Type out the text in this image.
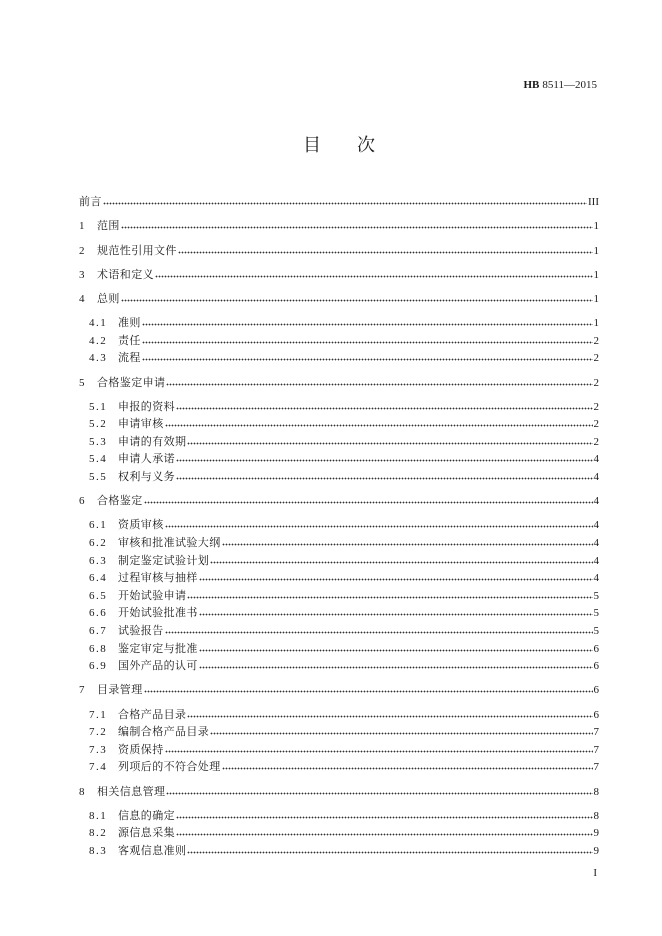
HB 8511—2015
目　　次
前言	III
1	范围	1
2	规范性引用文件	1
3	术语和定义	1
4	总则	1
4.1 准则	1
4.2 责任	2
4.3 流程	2
5	合格鉴定申请	2
5.1 申报的资料	2
5.2 申请审核	2
5.3 申请的有效期	2
5.4 申请人承诺	4
5.5 权利与义务	4
6	合格鉴定	4
6.1 资质审核	4
6.2 审核和批准试验大纲	4
6.3 制定鉴定试验计划	4
6.4 过程审核与抽样	4
6.5 开始试验申请	5
6.6 开始试验批准书	5
6.7 试验报告	5
6.8 鉴定审定与批准	6
6.9 国外产品的认可	6
7	目录管理	6
7.1 合格产品目录	6
7.2 编制合格产品目录	7
7.3 资质保持	7
7.4 列项后的不符合处理	7
8	相关信息管理	8
8.1 信息的确定	8
8.2 源信息采集	9
8.3 客观信息准则	9
I
